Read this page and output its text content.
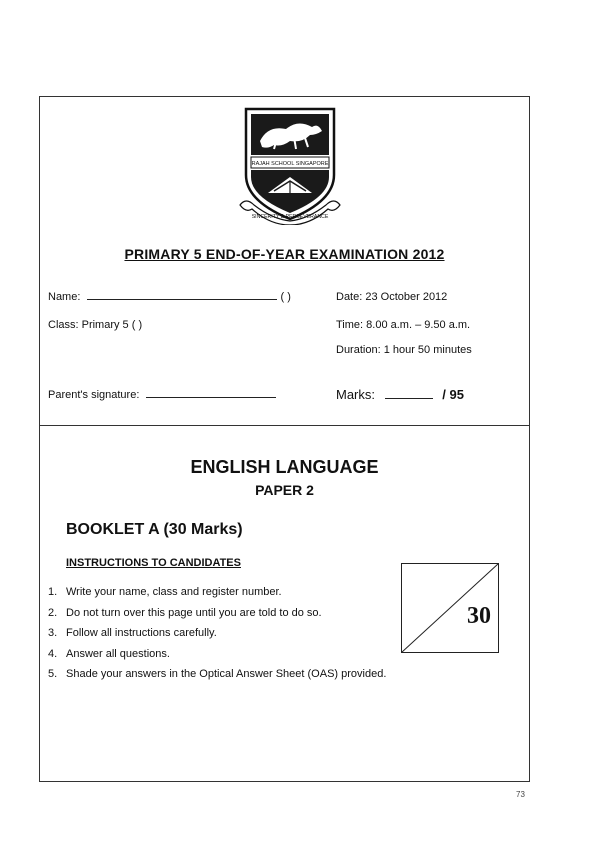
RAJAH SCHOOL SINGAPORE
SINCERITY & PERSEVERANCE
PRIMARY 5 END-OF-YEAR EXAMINATION 2012
Name:	( )
Class: Primary 5 ( )
Parent's signature:
Date: 23 October 2012
Time: 8.00 a.m. – 9.50 a.m.
Duration: 1 hour 50 minutes
Marks:	/ 95
ENGLISH LANGUAGE
PAPER 2
BOOKLET A (30 Marks)
INSTRUCTIONS TO CANDIDATES
1. Write your name, class and register number.
2. Do not turn over this page until you are told to do so.
3. Follow all instructions carefully.
4. Answer all questions.
5. Shade your answers in the Optical Answer Sheet (OAS) provided.
30
73
